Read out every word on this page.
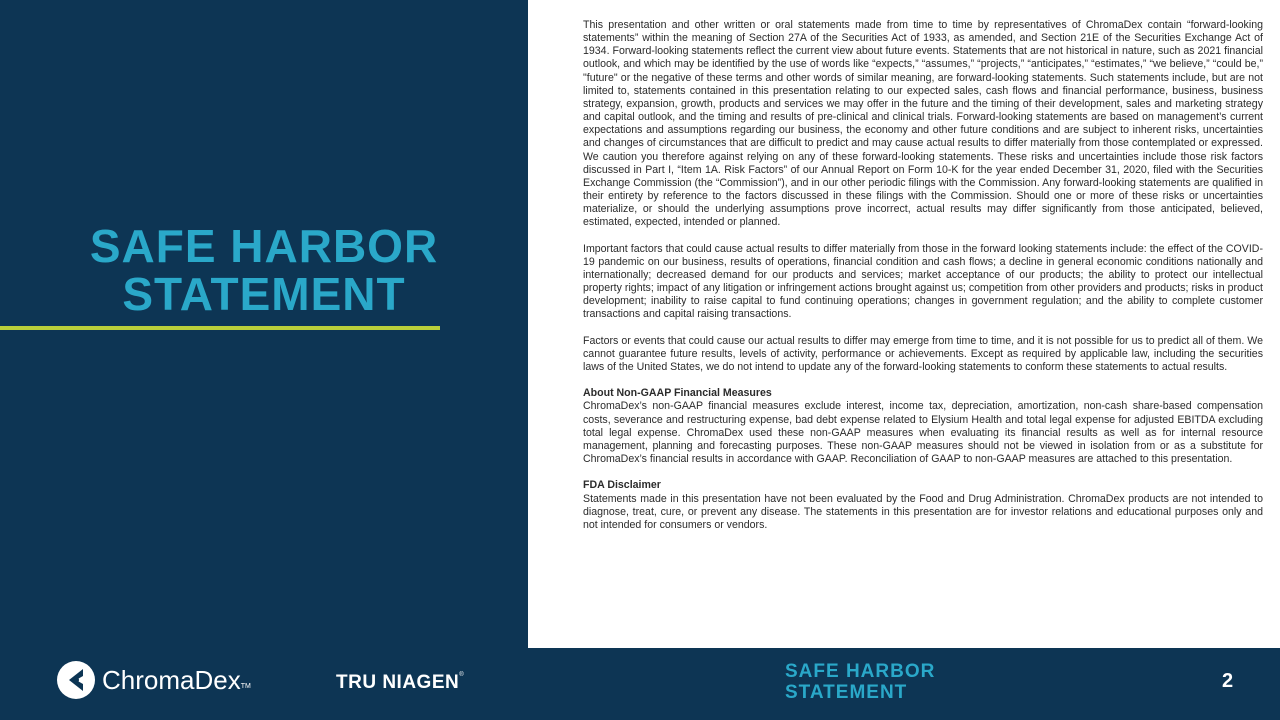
SAFE HARBOR
STATEMENT

This presentation and other written or oral statements made from time to time by representatives of ChromaDex contain “forward-looking statements” within the meaning of Section 27A of the Securities Act of 1933, as amended, and Section 21E of the Securities Exchange Act of 1934. Forward-looking statements reflect the current view about future events. Statements that are not historical in nature, such as 2021 financial outlook, and which may be identified by the use of words like “expects,” “assumes,” “projects,” “anticipates,” “estimates,” “we believe,” “could be,” "future" or the negative of these terms and other words of similar meaning, are forward-looking statements. Such statements include, but are not limited to, statements contained in this presentation relating to our expected sales, cash flows and financial performance, business, business strategy, expansion, growth, products and services we may offer in the future and the timing of their development, sales and marketing strategy and capital outlook, and the timing and results of pre-clinical and clinical trials. Forward-looking statements are based on management’s current expectations and assumptions regarding our business, the economy and other future conditions and are subject to inherent risks, uncertainties and changes of circumstances that are difficult to predict and may cause actual results to differ materially from those contemplated or expressed. We caution you therefore against relying on any of these forward-looking statements. These risks and uncertainties include those risk factors discussed in Part I, “Item 1A. Risk Factors” of our Annual Report on Form 10-K for the year ended December 31, 2020, filed with the Securities Exchange Commission (the “Commission”), and in our other periodic filings with the Commission. Any forward-looking statements are qualified in their entirety by reference to the factors discussed in these filings with the Commission. Should one or more of these risks or uncertainties materialize, or should the underlying assumptions prove incorrect, actual results may differ significantly from those anticipated, believed, estimated, expected, intended or planned.

Important factors that could cause actual results to differ materially from those in the forward looking statements include: the effect of the COVID-19 pandemic on our business, results of operations, financial condition and cash flows; a decline in general economic conditions nationally and internationally; decreased demand for our products and services; market acceptance of our products; the ability to protect our intellectual property rights; impact of any litigation or infringement actions brought against us; competition from other providers and products; risks in product development; inability to raise capital to fund continuing operations; changes in government regulation; and the ability to complete customer transactions and capital raising transactions.

Factors or events that could cause our actual results to differ may emerge from time to time, and it is not possible for us to predict all of them. We cannot guarantee future results, levels of activity, performance or achievements. Except as required by applicable law, including the securities laws of the United States, we do not intend to update any of the forward-looking statements to conform these statements to actual results.

About Non-GAAP Financial Measures

ChromaDex’s non-GAAP financial measures exclude interest, income tax, depreciation, amortization, non-cash share-based compensation costs, severance and restructuring expense, bad debt expense related to Elysium Health and total legal expense for adjusted EBITDA excluding total legal expense. ChromaDex used these non-GAAP measures when evaluating its financial results as well as for internal resource management, planning and forecasting purposes. These non-GAAP measures should not be viewed in isolation from or as a substitute for ChromaDex’s financial results in accordance with GAAP. Reconciliation of GAAP to non-GAAP measures are attached to this presentation.

FDA Disclaimer

Statements made in this presentation have not been evaluated by the Food and Drug Administration. ChromaDex products are not intended to diagnose, treat, cure, or prevent any disease. The statements in this presentation are for investor relations and educational purposes only and not intended for consumers or vendors.

ChromaDex TM	TRU NIAGEN®	SAFE HARBOR
STATEMENT
2
